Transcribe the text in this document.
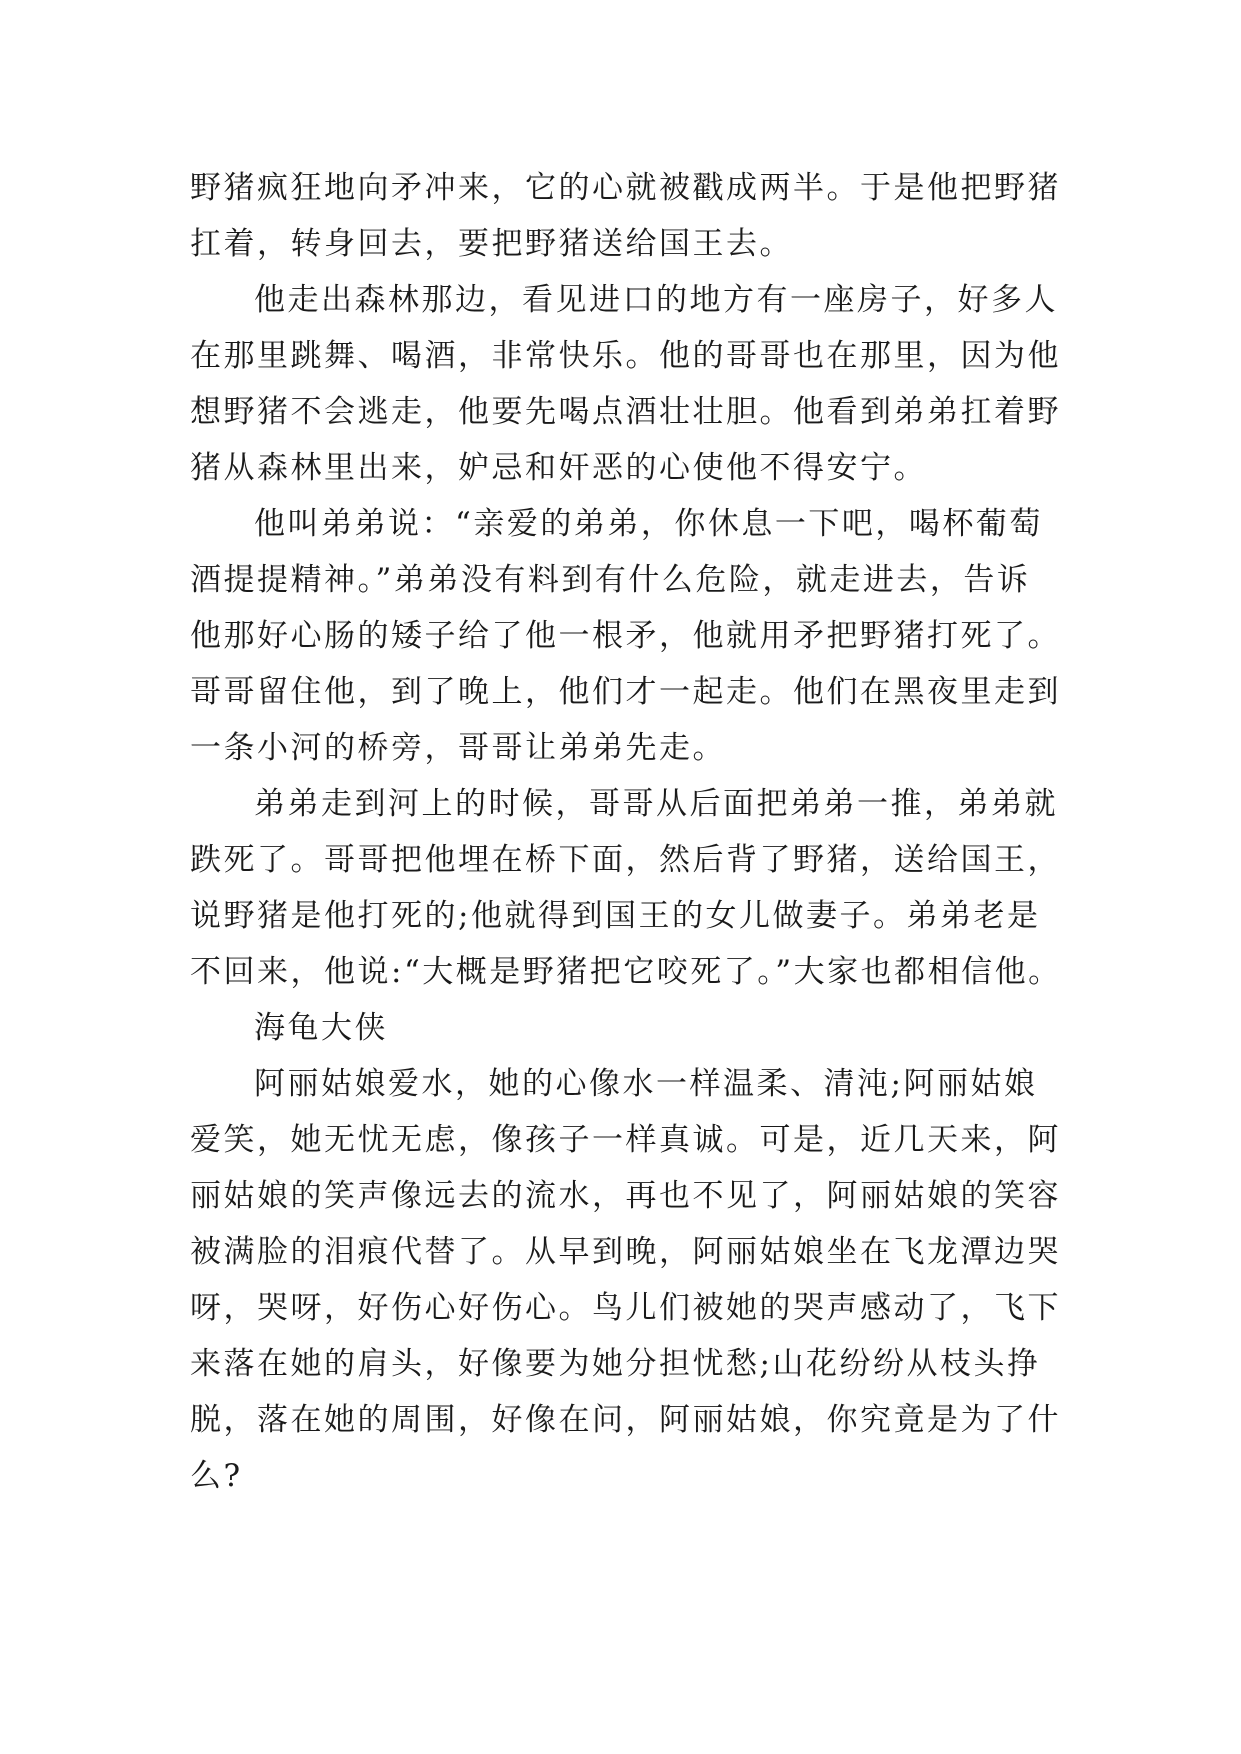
野猪疯狂地向矛冲来，它的心就被戳成两半。于是他把野猪
扛着，转身回去，要把野猪送给国王去。
他走出森林那边，看见进口的地方有一座房子，好多人
在那里跳舞、喝酒，非常快乐。他的哥哥也在那里，因为他
想野猪不会逃走，他要先喝点酒壮壮胆。他看到弟弟扛着野
猪从森林里出来，妒忌和奸恶的心使他不得安宁。
他叫弟弟说：“亲爱的弟弟，你休息一下吧，喝杯葡萄
酒提提精神。”弟弟没有料到有什么危险，就走进去，告诉
他那好心肠的矮子给了他一根矛，他就用矛把野猪打死了。
哥哥留住他，到了晚上，他们才一起走。他们在黑夜里走到
一条小河的桥旁，哥哥让弟弟先走。
弟弟走到河上的时候，哥哥从后面把弟弟一推，弟弟就
跌死了。哥哥把他埋在桥下面，然后背了野猪，送给国王，
说野猪是他打死的;他就得到国王的女儿做妻子。弟弟老是
不回来，他说:“大概是野猪把它咬死了。”大家也都相信他。
海龟大侠
阿丽姑娘爱水，她的心像水一样温柔、清沌;阿丽姑娘
爱笑，她无忧无虑，像孩子一样真诚。可是，近几天来，阿
丽姑娘的笑声像远去的流水，再也不见了，阿丽姑娘的笑容
被满脸的泪痕代替了。从早到晚，阿丽姑娘坐在飞龙潭边哭
呀，哭呀，好伤心好伤心。鸟儿们被她的哭声感动了，飞下
来落在她的肩头，好像要为她分担忧愁;山花纷纷从枝头挣
脱，落在她的周围，好像在问，阿丽姑娘，你究竟是为了什
么?
